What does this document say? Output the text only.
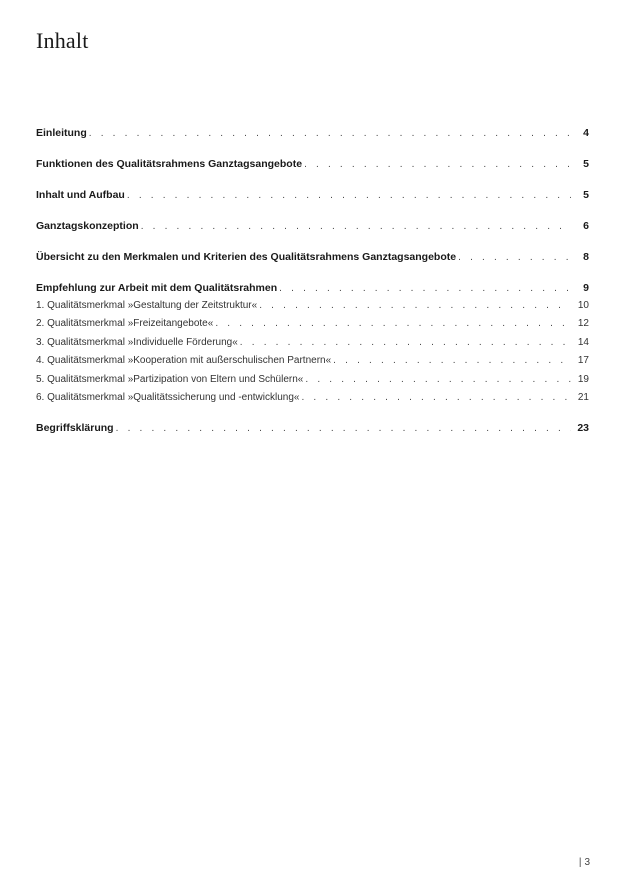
Inhalt
Einleitung . . .	4
Funktionen des Qualitätsrahmens Ganztagsangebote . . .	5
Inhalt und Aufbau . . .	5
Ganztagskonzeption . . .	6
Übersicht zu den Merkmalen und Kriterien des Qualitätsrahmens Ganztagsangebote . . .	8
Empfehlung zur Arbeit mit dem Qualitätsrahmen . . .	9
1. Qualitätsmerkmal »Gestaltung der Zeitstruktur« . . .	10
2. Qualitätsmerkmal »Freizeitangebote« . . .	12
3. Qualitätsmerkmal »Individuelle Förderung« . . .	14
4. Qualitätsmerkmal »Kooperation mit außerschulischen Partnern« . . .	17
5. Qualitätsmerkmal »Partizipation von Eltern und Schülern« . . .	19
6. Qualitätsmerkmal »Qualitätssicherung und -entwicklung« . . .	21
Begriffsklärung . . .	23
| 3
